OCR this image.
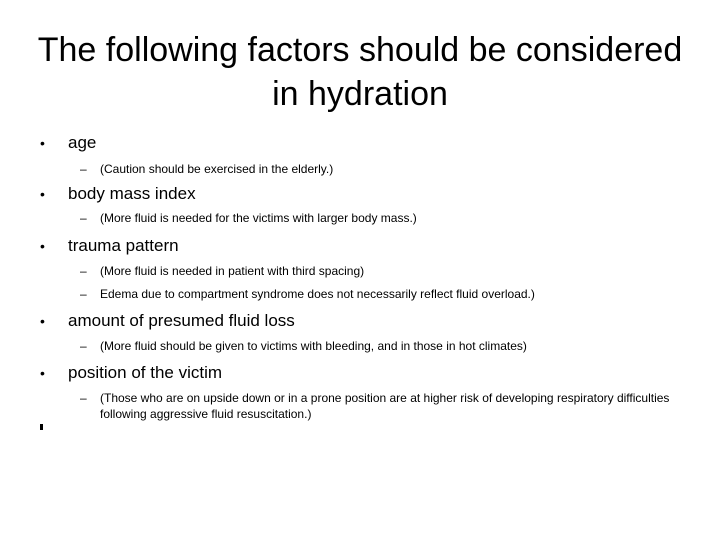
The following factors should be considered in hydration
• age
– (Caution should be exercised in the elderly.)
• body mass index
– (More fluid is needed for the victims with larger body mass.)
• trauma pattern
– (More fluid is needed in patient with third spacing)
– Edema due to compartment syndrome does not necessarily reflect fluid overload.)
• amount of presumed fluid loss
– (More fluid should be given to victims with bleeding, and in those in hot climates)
• position of the victim
–	(Those who are on upside down or in a prone position are at higher risk of developing respiratory difficulties following aggressive fluid resuscitation.)
